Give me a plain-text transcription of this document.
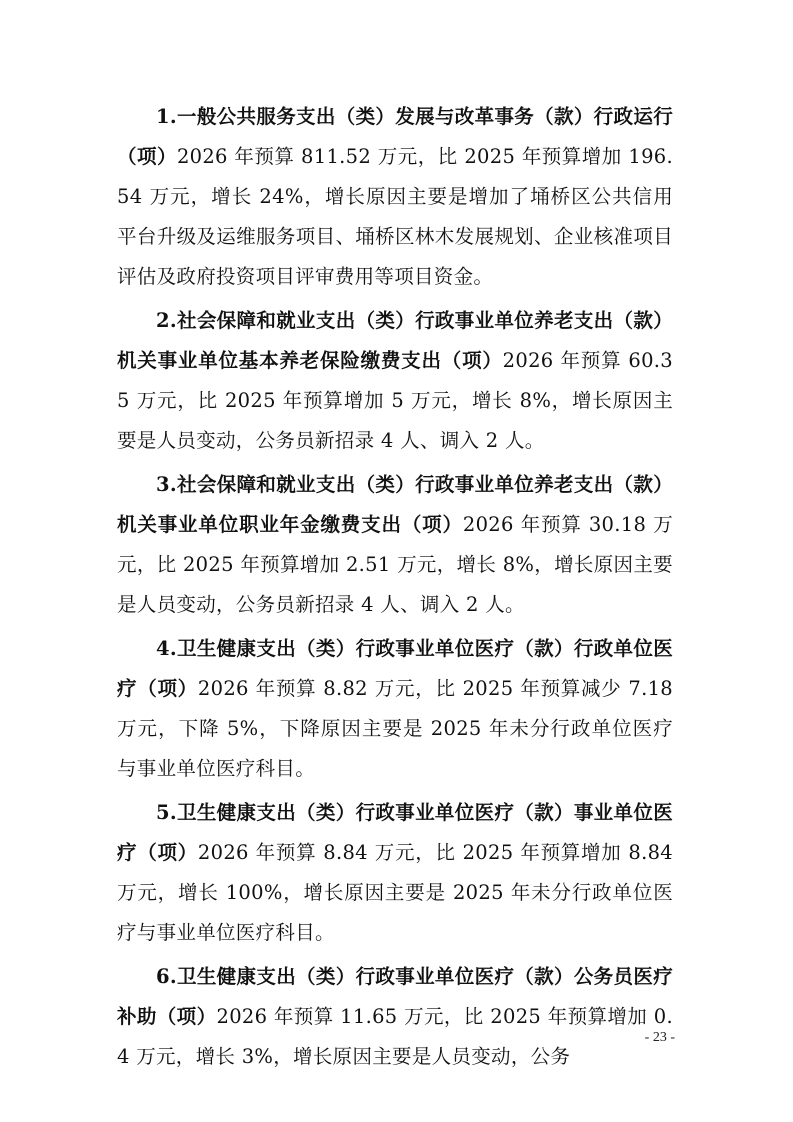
1.一般公共服务支出（类）发展与改革事务（款）行政运行（项）2026 年预算 811.52 万元，比 2025 年预算增加 196.54 万元，增长 24%，增长原因主要是增加了埇桥区公共信用平台升级及运维服务项目、埇桥区林木发展规划、企业核准项目评估及政府投资项目评审费用等项目资金。

2.社会保障和就业支出（类）行政事业单位养老支出（款）机关事业单位基本养老保险缴费支出（项）2026 年预算 60.35 万元，比 2025 年预算增加 5 万元，增长 8%，增长原因主要是人员变动，公务员新招录 4 人、调入 2 人。

3.社会保障和就业支出（类）行政事业单位养老支出（款）机关事业单位职业年金缴费支出（项）2026 年预算 30.18 万元，比 2025 年预算增加 2.51 万元，增长 8%，增长原因主要是人员变动，公务员新招录 4 人、调入 2 人。

4.卫生健康支出（类）行政事业单位医疗（款）行政单位医疗（项）2026 年预算 8.82 万元，比 2025 年预算减少 7.18 万元，下降 5%，下降原因主要是 2025 年未分行政单位医疗与事业单位医疗科目。

5.卫生健康支出（类）行政事业单位医疗（款）事业单位医疗（项）2026 年预算 8.84 万元，比 2025 年预算增加 8.84 万元，增长 100%，增长原因主要是 2025 年未分行政单位医疗与事业单位医疗科目。

6.卫生健康支出（类）行政事业单位医疗（款）公务员医疗补助（项）2026 年预算 11.65 万元，比 2025 年预算增加 0.4 万元，增长 3%，增长原因主要是人员变动，公务

- 23 -
